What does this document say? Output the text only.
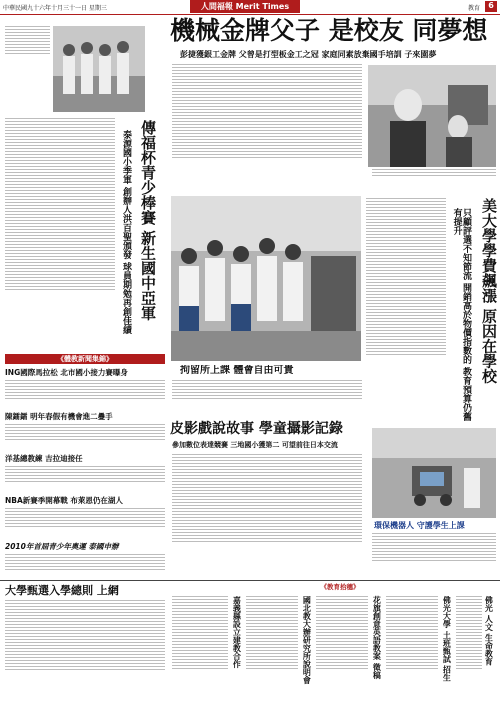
中華民國九十六年十月三十一日 星期三	人間福報 Merit Times	教育	6
機械金牌父子 是校友 同夢想
彭捷獲銀工金牌 父曾是打型板金工之冠 家庭同素放棄國手培訓 子來園夢
傳福杯青少棒賽 新生國中亞軍
泰源國小季軍 創辦人洪百聖頒發 球員期勉再創佳績
拘留所上課 體會自由可貴	美大學學費飆漲 原因在學校
只顧評選不知節流 開銷高於物價指數的 教育預算仍舊有提升
《體教新聞集錦》
ING國際馬拉松 北市國小接力賽曝身
陳鐳鐳 明年春假有機會進二疊手
洋基總教練 吉拉迪接任
NBA新賽季開幕戰 布萊恩仍在湖人
2010年首屆青少年奧運 泰國申辦
皮影戲說故事 學童攝影記錄
參加數位表達競賽 三地國小獲第二 可望前往日本交流
環保機器人 守護學生上課
《教育拾穗》
大學甄選入學總則 上網
嘉義縣設立建教合作	國北教大辦研究所說明會	花旗創意英語教案 徵稿	佛光大學 土班甄試 招生	佛光 人文 生命教育
